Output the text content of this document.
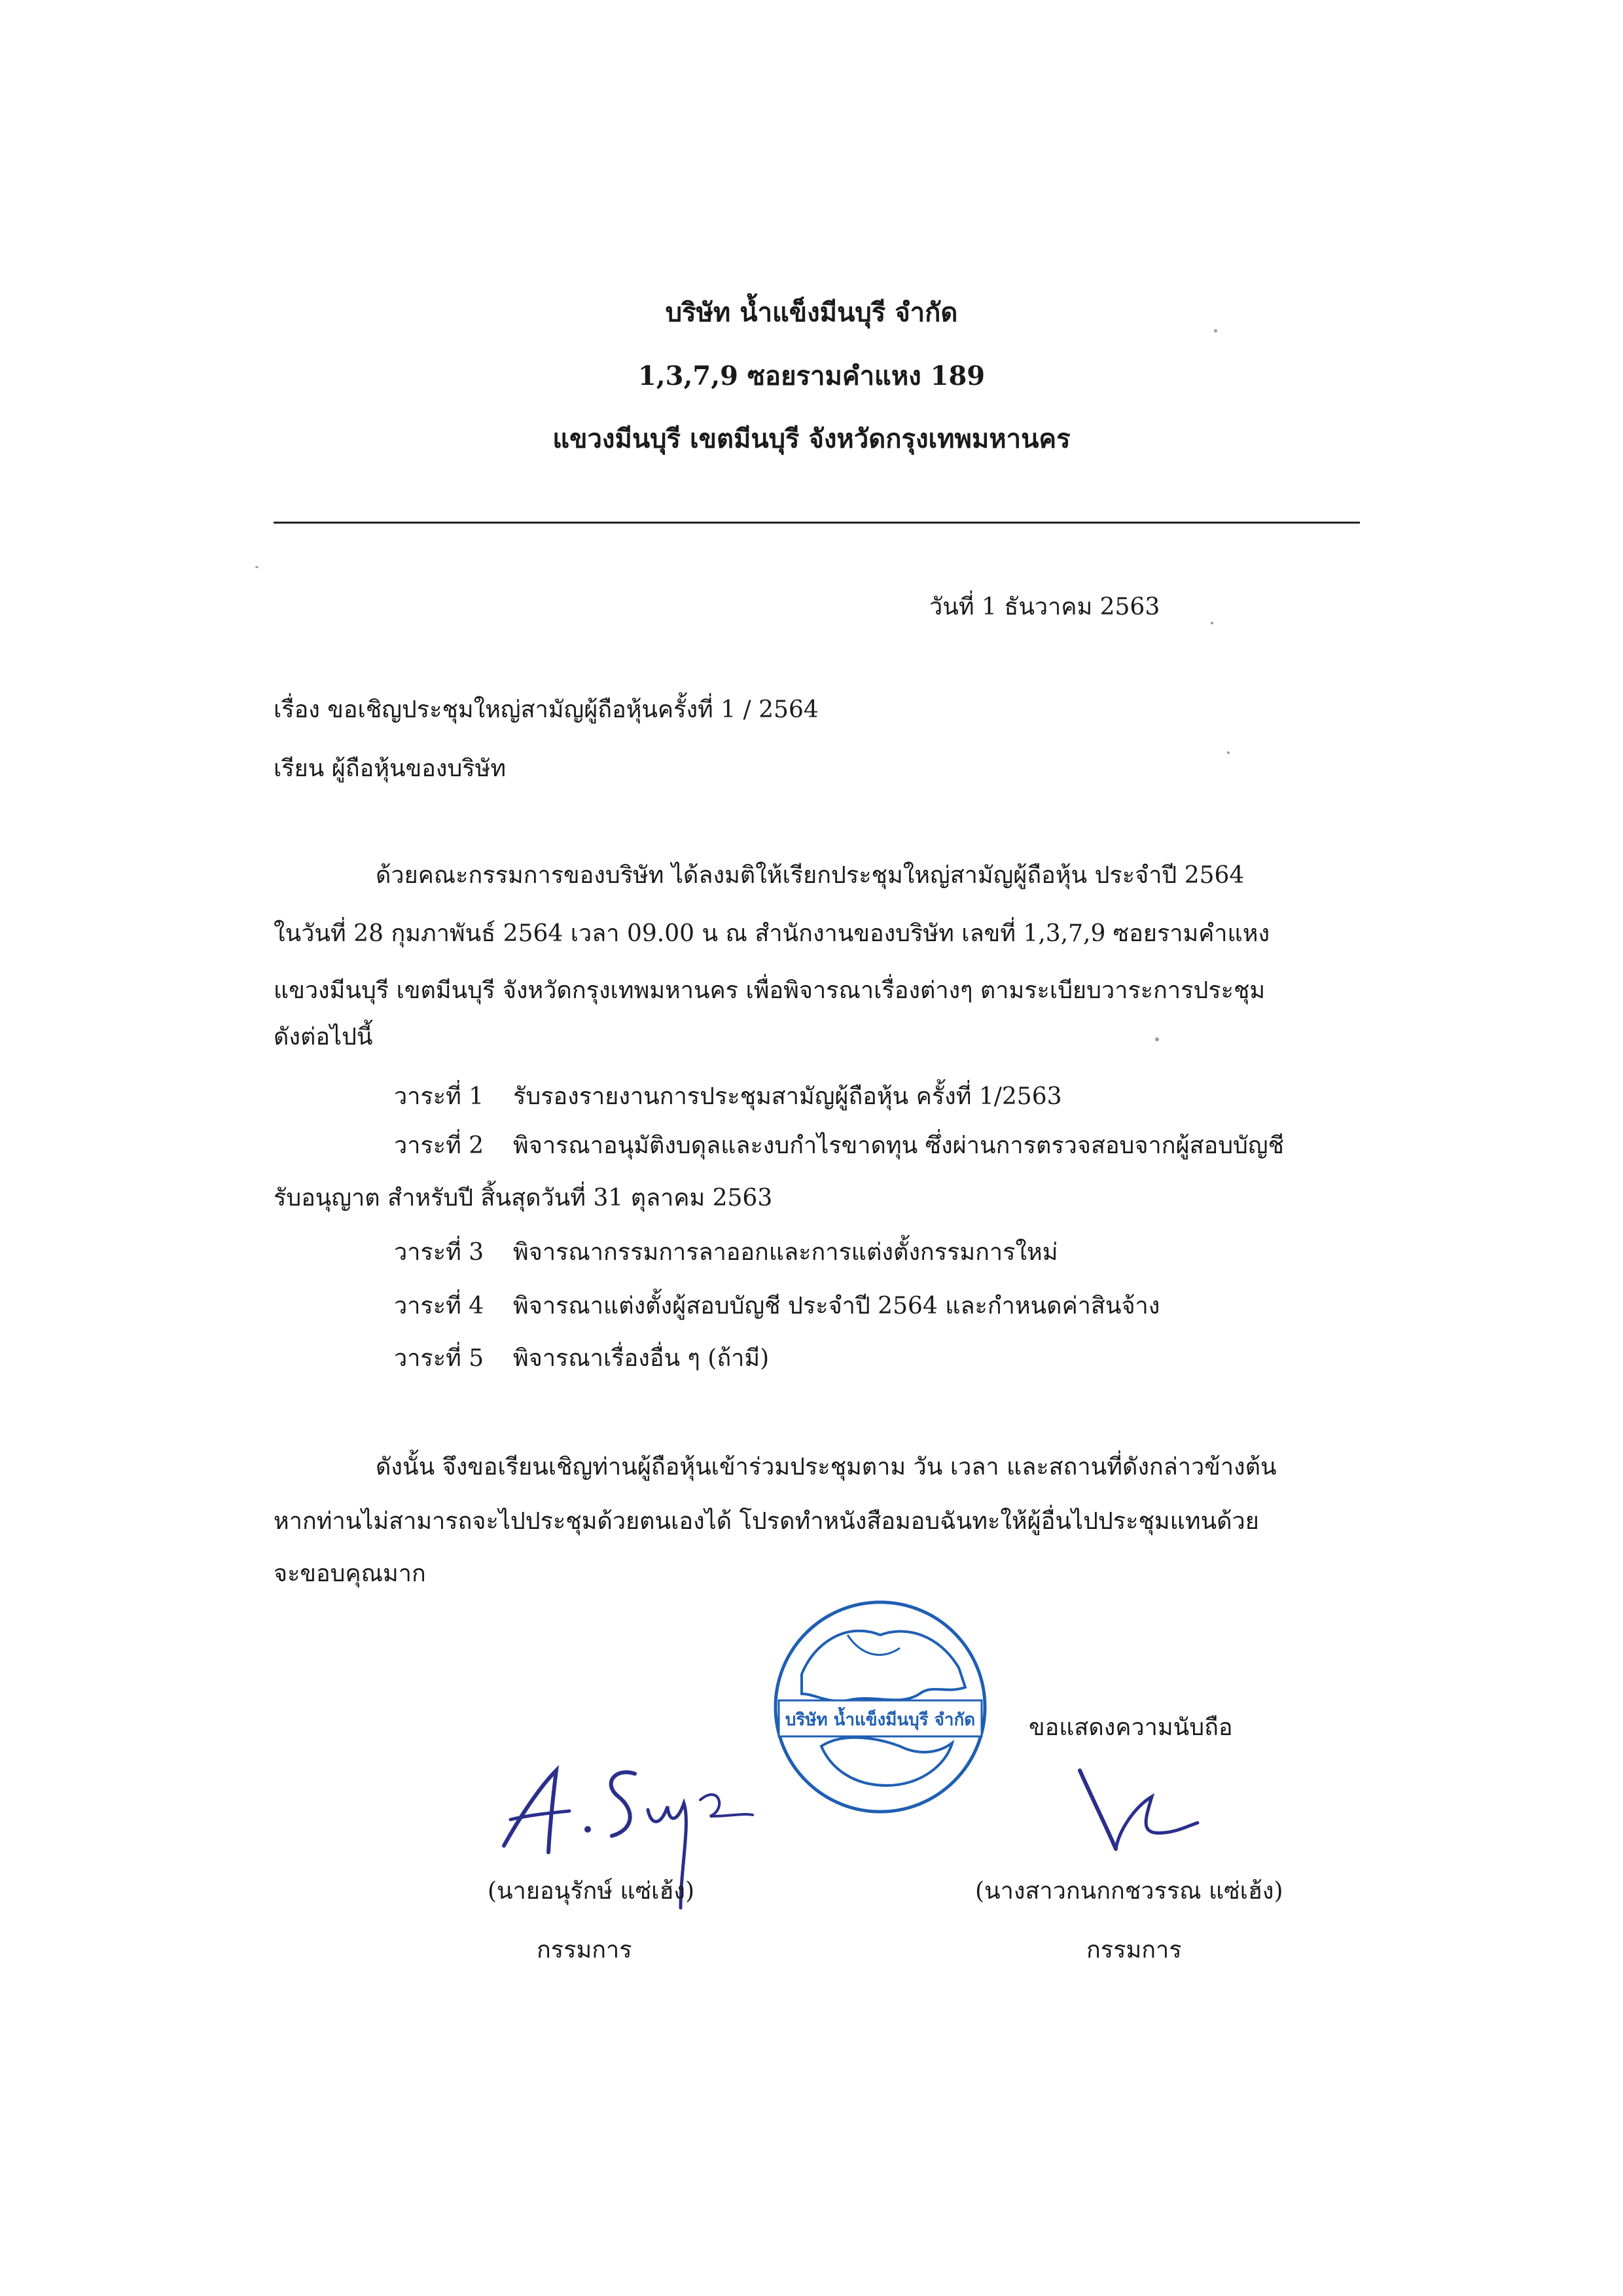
บริษัท น้ำแข็งมีนบุรี จำกัด
1,3,7,9 ซอยรามคำแหง 189
แขวงมีนบุรี เขตมีนบุรี จังหวัดกรุงเทพมหานคร
วันที่ 1 ธันวาคม 2563
เรื่อง ขอเชิญประชุมใหญ่สามัญผู้ถือหุ้นครั้งที่ 1 / 2564
เรียน ผู้ถือหุ้นของบริษัท
ด้วยคณะกรรมการของบริษัท ได้ลงมติให้เรียกประชุมใหญ่สามัญผู้ถือหุ้น ประจำปี 2564
ในวันที่ 28 กุมภาพันธ์ 2564 เวลา 09.00 น ณ สำนักงานของบริษัท เลขที่ 1,3,7,9 ซอยรามคำแหง
แขวงมีนบุรี เขตมีนบุรี จังหวัดกรุงเทพมหานคร เพื่อพิจารณาเรื่องต่างๆ ตามระเบียบวาระการประชุม
ดังต่อไปนี้
วาระที่ 1 รับรองรายงานการประชุมสามัญผู้ถือหุ้น ครั้งที่ 1/2563
วาระที่ 2 พิจารณาอนุมัติงบดุลและงบกำไรขาดทุน ซึ่งผ่านการตรวจสอบจากผู้สอบบัญชี
รับอนุญาต สำหรับปี สิ้นสุดวันที่ 31 ตุลาคม 2563
วาระที่ 3 พิจารณากรรมการลาออกและการแต่งตั้งกรรมการใหม่
วาระที่ 4 พิจารณาแต่งตั้งผู้สอบบัญชี ประจำปี 2564 และกำหนดค่าสินจ้าง
วาระที่ 5 พิจารณาเรื่องอื่น ๆ (ถ้ามี)
ดังนั้น จึงขอเรียนเชิญท่านผู้ถือหุ้นเข้าร่วมประชุมตาม วัน เวลา และสถานที่ดังกล่าวข้างต้น
หากท่านไม่สามารถจะไปประชุมด้วยตนเองได้ โปรดทำหนังสือมอบฉันทะให้ผู้อื่นไปประชุมแทนด้วย
จะขอบคุณมาก
บริษัท น้ำแข็งมีนบุรี จำกัด ขอแสดงความนับถือ
(นายอนุรักษ์ แซ่เฮ้ง)
กรรมการ
(นางสาวกนกกชวรรณ แซ่เฮ้ง)
กรรมการ
